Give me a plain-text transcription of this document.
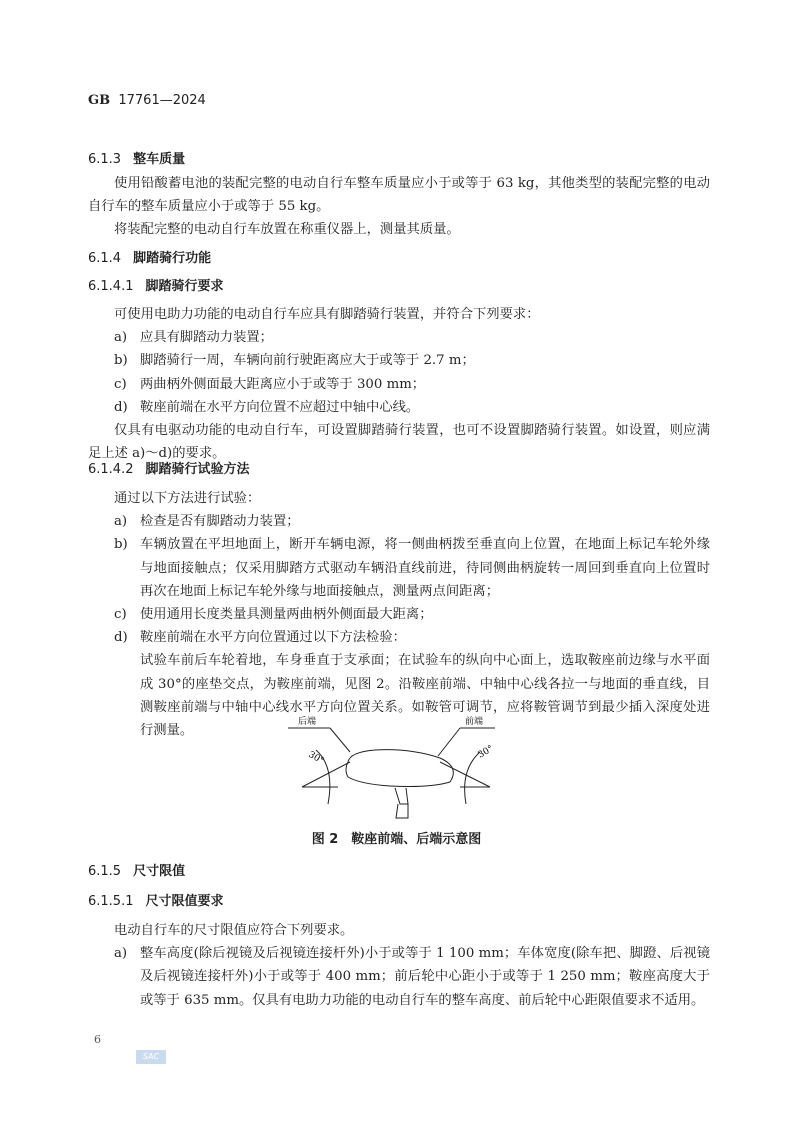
GB 17761—2024
6.1.3 整车质量

使用铅酸蓄电池的装配完整的电动自行车整车质量应小于或等于 63 kg，其他类型的装配完整的电动自行车的整车质量应小于或等于 55 kg。

将装配完整的电动自行车放置在称重仪器上，测量其质量。

6.1.4 脚踏骑行功能
6.1.4.1 脚踏骑行要求

可使用电助力功能的电动自行车应具有脚踏骑行装置，并符合下列要求：

a) 应具有脚踏动力装置；
b) 脚踏骑行一周，车辆向前行驶距离应大于或等于 2.7 m；
c)	两曲柄外侧面最大距离应小于或等于 300 mm；
d) 鞍座前端在水平方向位置不应超过中轴中心线。

仅具有电驱动功能的电动自行车，可设置脚踏骑行装置，也可不设置脚踏骑行装置。如设置，则应满足上述 a)～d)的要求。

6.1.4.2 脚踏骑行试验方法

通过以下方法进行试验：

a) 检查是否有脚踏动力装置；
b) 车辆放置在平坦地面上，断开车辆电源，将一侧曲柄拨至垂直向上位置，在地面上标记车轮外缘与地面接触点；仅采用脚踏方式驱动车辆沿直线前进，待同侧曲柄旋转一周回到垂直向上位置时再次在地面上标记车轮外缘与地面接触点，测量两点间距离；
c)	使用通用长度类量具测量两曲柄外侧面最大距离；
d) 鞍座前端在水平方向位置通过以下方法检验：
试验车前后车轮着地，车身垂直于支承面；在试验车的纵向中心面上，选取鞍座前边缘与水平面成 30°的座垫交点，为鞍座前端，见图 2。沿鞍座前端、中轴中心线各拉一与地面的垂直线，目测鞍座前端与中轴中心线水平方向位置关系。如鞍管可调节，应将鞍管调节到最少插入深度处进行测量。
后端	前端
30°	30°
图 2　鞍座前端、后端示意图
6.1.5 尺寸限值
6.1.5.1 尺寸限值要求

电动自行车的尺寸限值应符合下列要求。

a) 整车高度(除后视镜及后视镜连接杆外)小于或等于 1 100 mm；车体宽度(除车把、脚蹬、后视镜及后视镜连接杆外)小于或等于 400 mm；前后轮中心距小于或等于 1 250 mm；鞍座高度大于或等于 635 mm。仅具有电助力功能的电动自行车的整车高度、前后轮中心距限值要求不适用。
6
SAC
